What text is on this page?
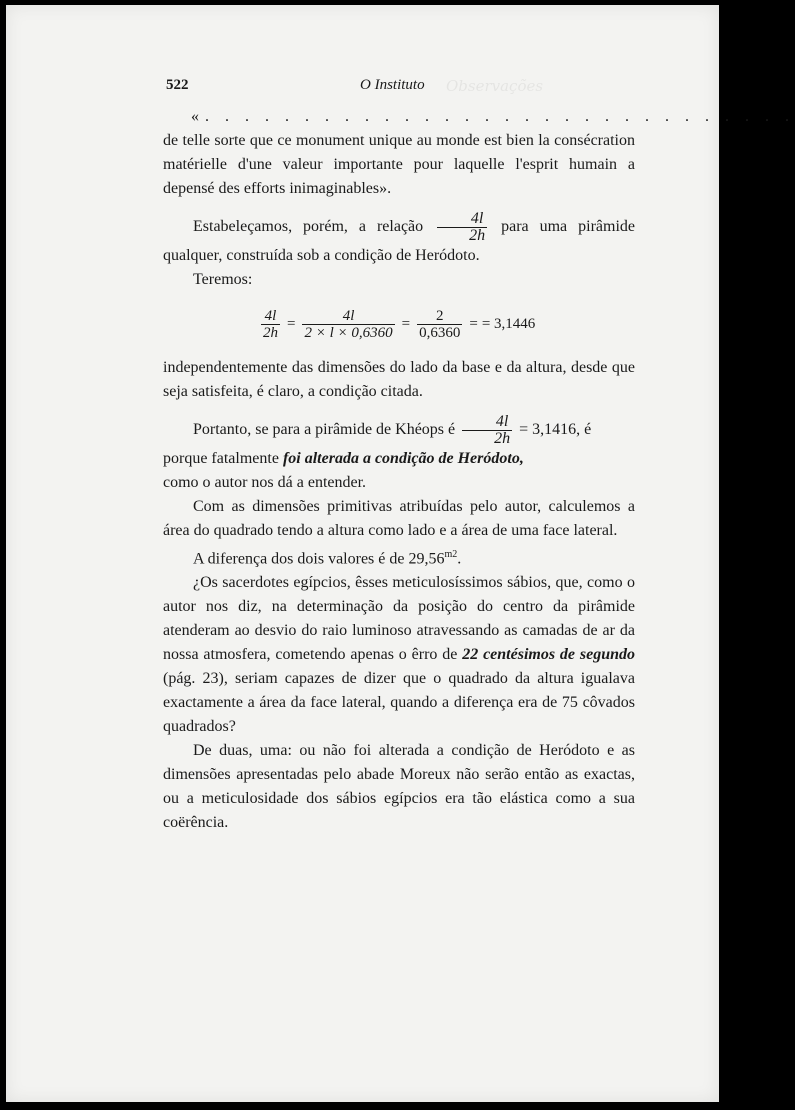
Observações
522	O Instituto
«. . . . . . . . . . . . . . . . . . . . . . . . . . . . . .

de telle sorte que ce monument unique au monde est bien la consécration matérielle d'une valeur importante pour laquelle l'esprit humain a depensé des efforts inimaginables».

Estabeleçamos, porém, a relação $\frac{4l}{2h}$ para uma pirâmide qualquer, construída sob a condição de Heródoto.

Teremos:

$\frac{4l}{2h} = \frac{4l}{2 \times l \times 0,6360} = \frac{2}{0,6360}$ = = 3,1446

independentemente das dimensões do lado da base e da altura, desde que seja satisfeita, é claro, a condição citada.

Portanto, se para a pirâmide de Khéops é $\frac{4l}{2h} = 3,1416$, é

porque fatalmente foi alterada a condição de Heródoto,

como o autor nos dá a entender.

Com as dimensões primitivas atribuídas pelo autor, calculemos a área do quadrado tendo a altura como lado e a área de uma face lateral.

A diferença dos dois valores é de $29,56^{m2}$.

¿Os sacerdotes egípcios, êsses meticulosíssimos sábios, que, como o autor nos diz, na determinação da posição do centro da pirâmide atenderam ao desvio do raio luminoso atravessando as camadas de ar da nossa atmosfera, cometendo apenas o êrro de 22 centésimos de segundo (pág. 23), seriam capazes de dizer que o quadrado da altura igualava exactamente a área da face lateral, quando a diferença era de 75 côvados quadrados?

De duas, uma: ou não foi alterada a condição de Heródoto e as dimensões apresentadas pelo abade Moreux não serão então as exactas, ou a meticulosidade dos sábios egípcios era tão elástica como a sua coërência.
